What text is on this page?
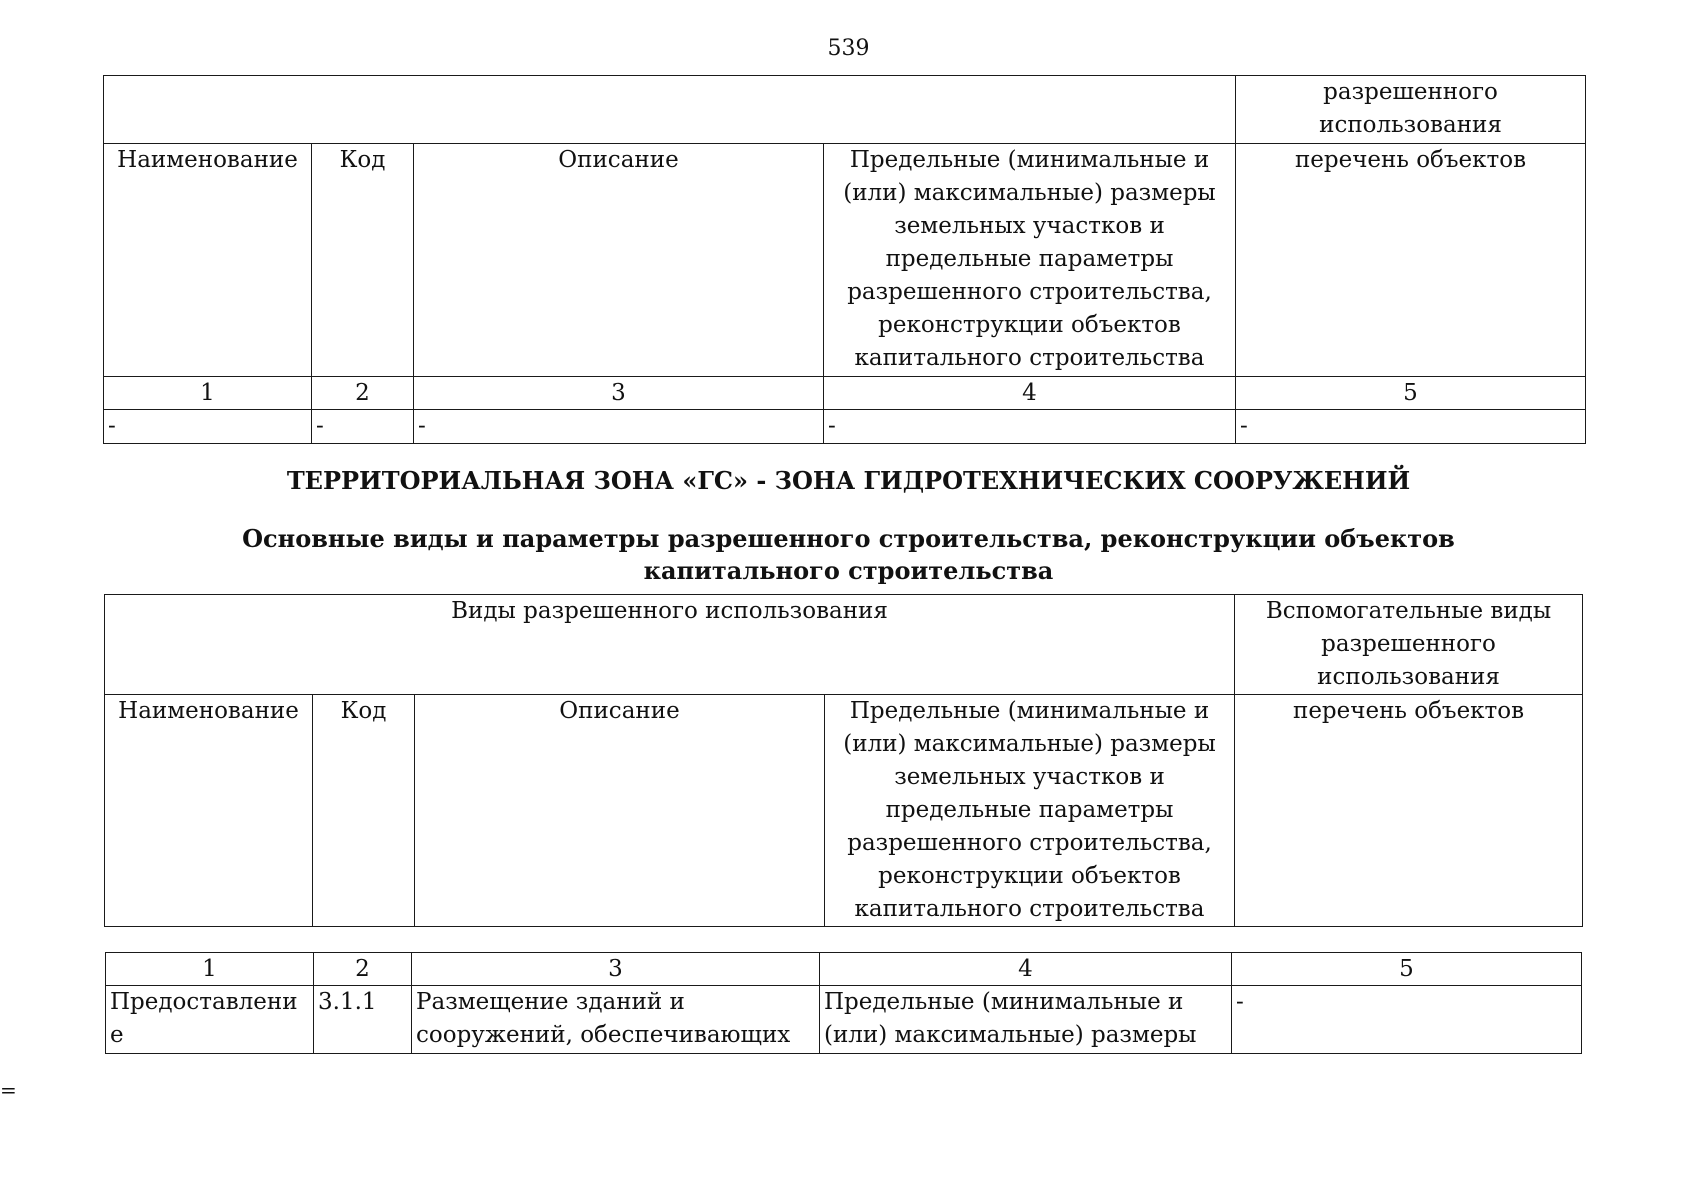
539
				разрешенного использования
Наименование	Код	Описание	Предельные (минимальные и (или) максимальные) размеры земельных участков и предельные параметры разрешенного строительства, реконструкции объектов капитального строительства	перечень объектов
1	2	3	4	5
-	-	-	-	-
ТЕРРИТОРИАЛЬНАЯ ЗОНА «ГС» - ЗОНА ГИДРОТЕХНИЧЕСКИХ СООРУЖЕНИЙ
Основные виды и параметры разрешенного строительства, реконструкции объектов капитального строительства
Виды разрешенного использования				Вспомогательные виды разрешенного использования
Наименование	Код	Описание	Предельные (минимальные и (или) максимальные) размеры земельных участков и предельные параметры разрешенного строительства, реконструкции объектов капитального строительства	перечень объектов
1	2	3	4	5
Предоставлени е	3.1.1	Размещение зданий и сооружений, обеспечивающих	Предельные (минимальные и (или) максимальные) размеры	-
=
